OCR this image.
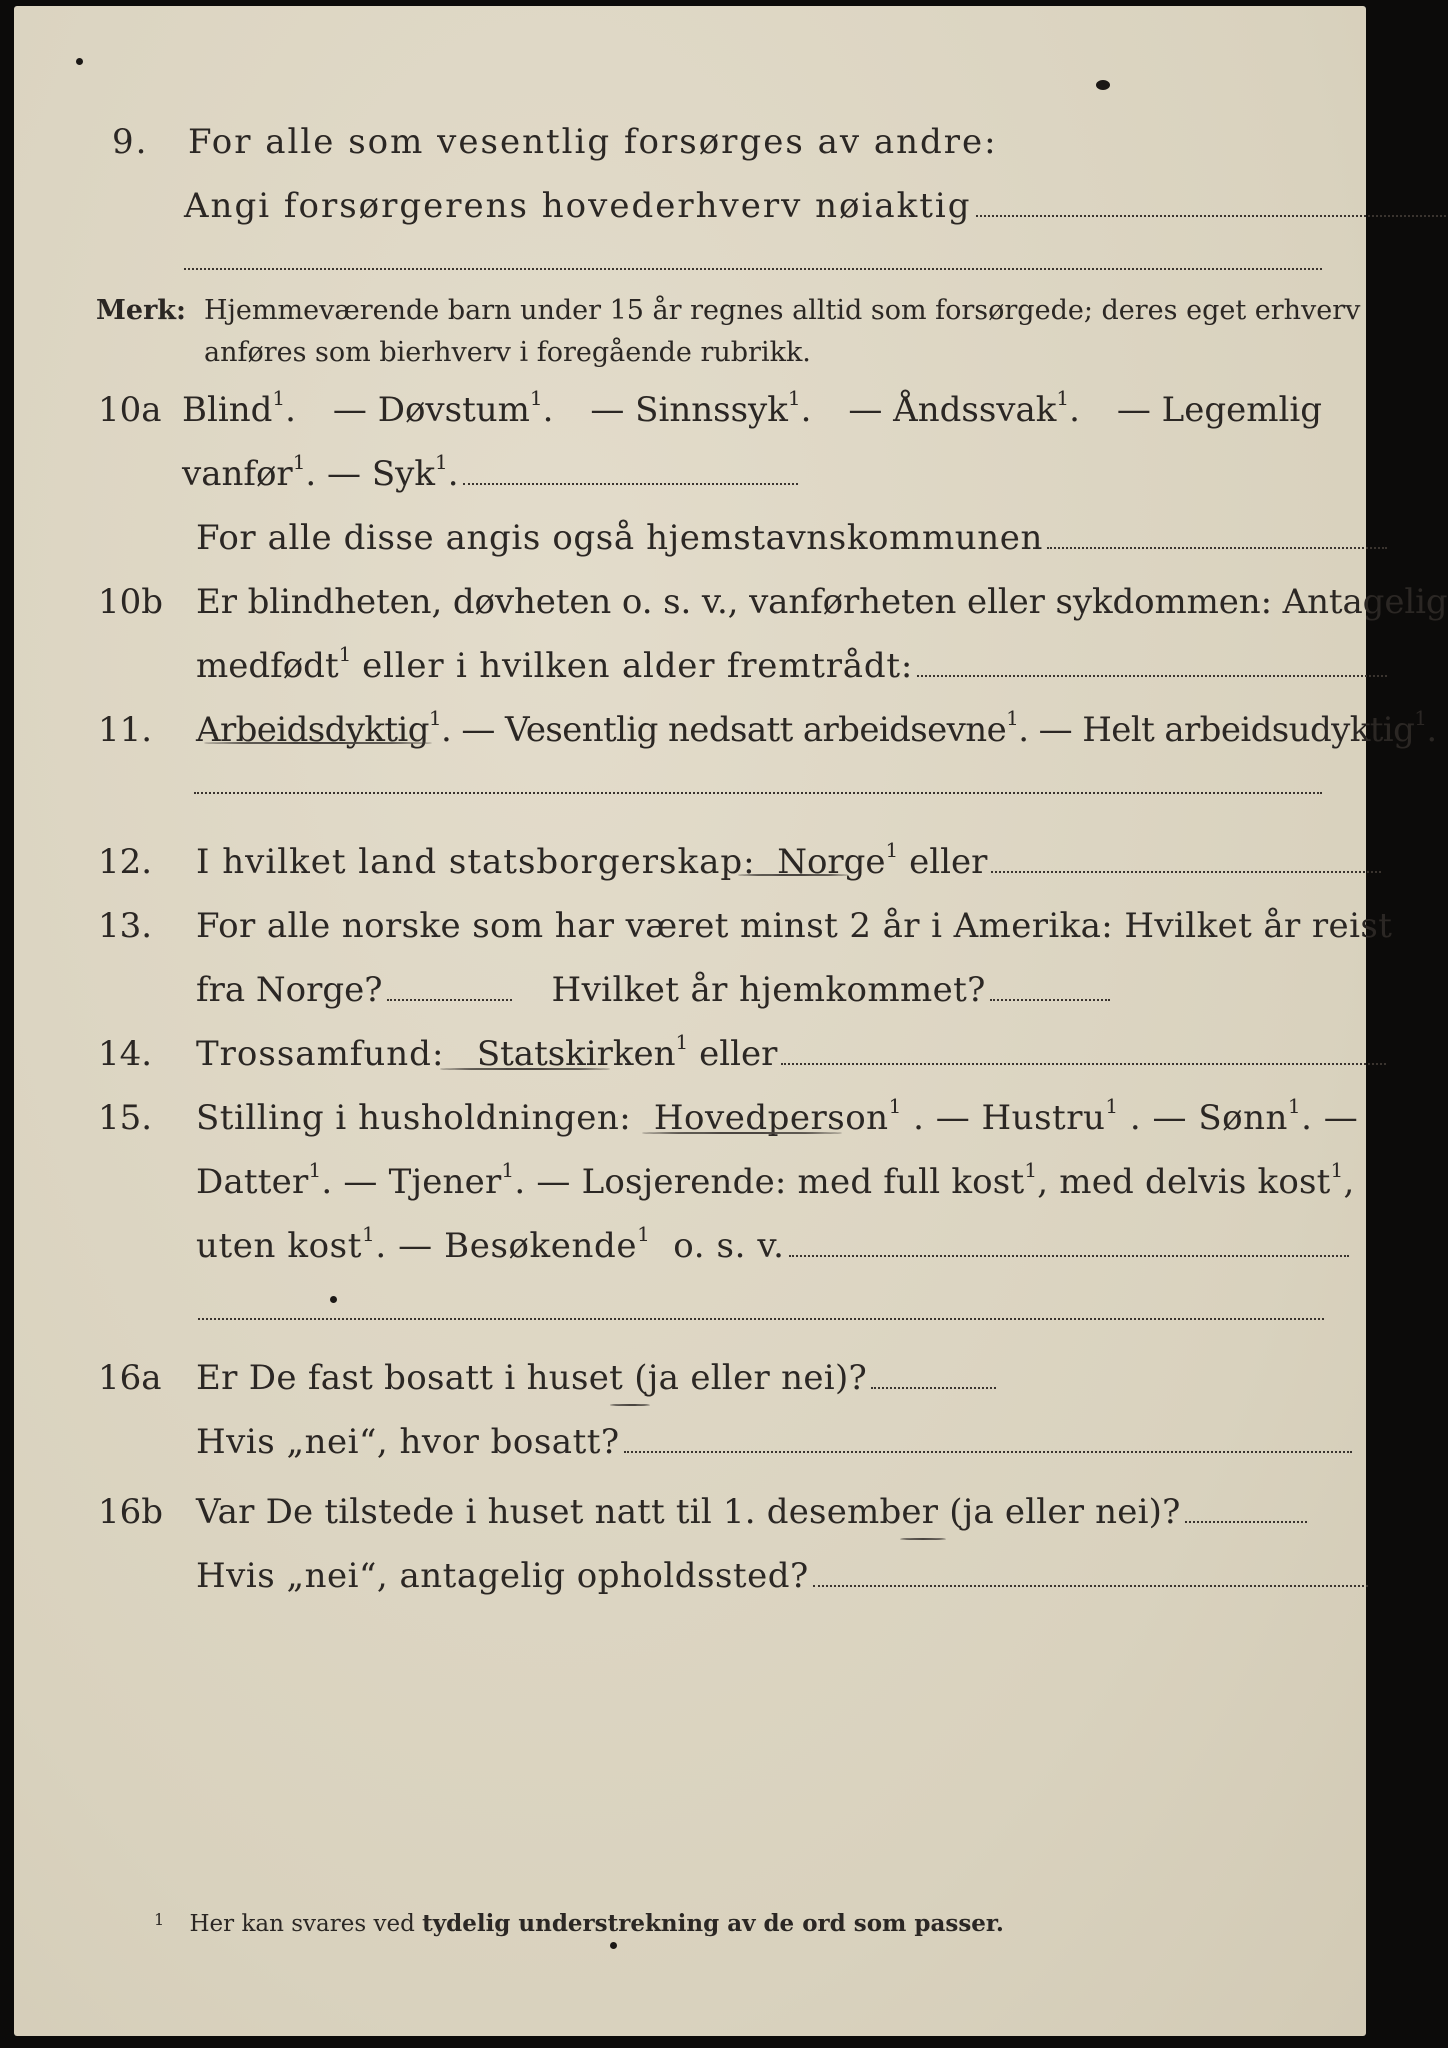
9. For alle som vesentlig forsørges av andre:
Angi forsørgerens hovederhverv nøiaktig
Merk: Hjemmeværende barn under 15 år regnes alltid som forsørgede; deres eget erhverv
anføres som bierhverv i foregående rubrikk.
10a Blind$^1$. — Døvstum$^1$. — Sinnssyk$^1$. — Åndssvak$^1$. — Legemlig
vanfør$^1$. — Syk$^1$.
For alle disse angis også hjemstavnskommunen
10b Er blindheten, døvheten o. s. v., vanførheten eller sykdommen: Antagelig
medfødt$^1$ eller i hvilken alder fremtrådt:
11. Arbeidsdyktig$^1$ . — Vesentlig nedsatt arbeidsevne$^1$ . — Helt arbeidsudyktig$^1$.
12. I hvilket land statsborgerskap:
Norge$^1$
eller
13. For alle norske som har været minst 2 år i Amerika: Hvilket år reist
fra Norge?	Hvilket år hjemkommet?
14. Trossamfund:
Statskirken$^1$
eller
15. Stilling i husholdningen:
Hovedperson$^1$
. — Hustru$^1$
. — Sønn$^1$. —
Datter$^1$ . — Tjener$^1$ . — Losjerende: med full kost$^1$ , med delvis kost$^1$,
uten kost$^1$ . — Besøkende$^1$ o. s. v.
16a Er De fast bosatt i huset (ja eller nei)?
Hvis „nei“, hvor bosatt?
16b Var De tilstede i huset natt til 1. desember (ja eller nei)?
Hvis „nei“, antagelig opholdssted?
$^1$ Her kan svares ved tydelig understrekning av de ord som passer.
